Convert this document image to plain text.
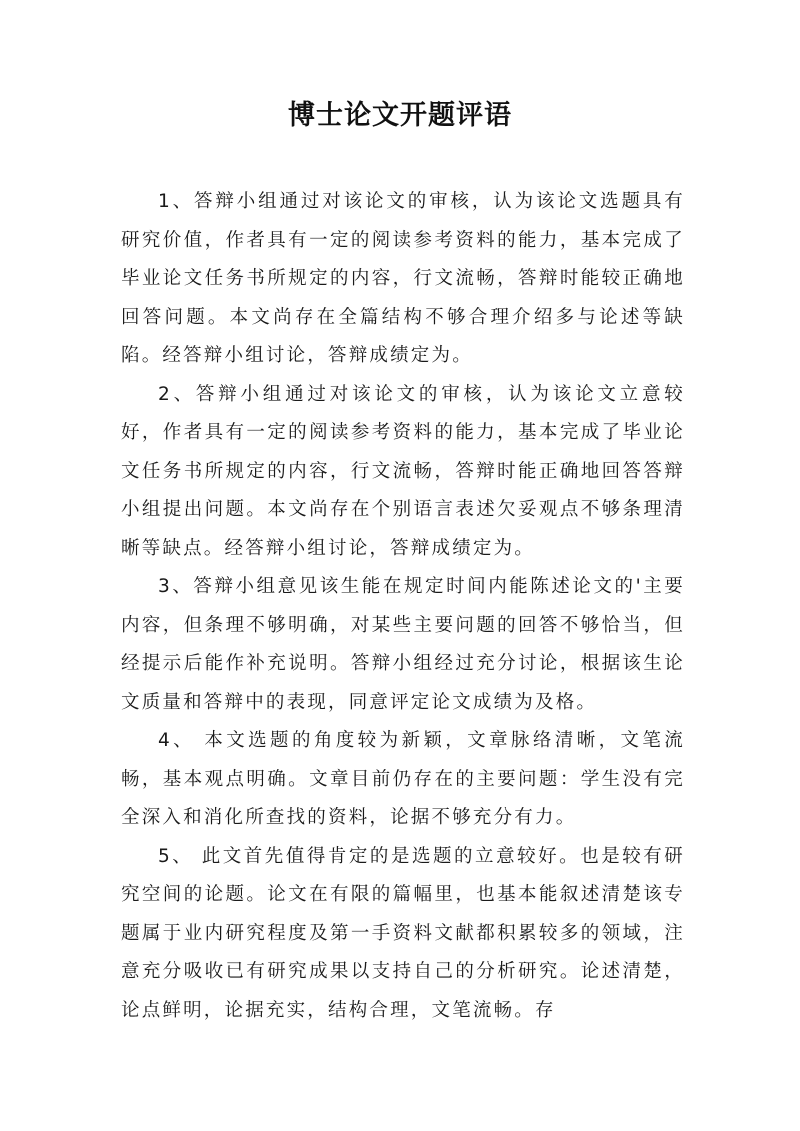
博士论文开题评语

1、答辩小组通过对该论文的审核，认为该论文选题具有研究价值，作者具有一定的阅读参考资料的能力，基本完成了毕业论文任务书所规定的内容，行文流畅，答辩时能较正确地回答问题。本文尚存在全篇结构不够合理介绍多与论述等缺陷。经答辩小组讨论，答辩成绩定为。

2、答辩小组通过对该论文的审核，认为该论文立意较好，作者具有一定的阅读参考资料的能力，基本完成了毕业论文任务书所规定的内容，行文流畅，答辩时能正确地回答答辩小组提出问题。本文尚存在个别语言表述欠妥观点不够条理清晰等缺点。经答辩小组讨论，答辩成绩定为。

3、答辩小组意见该生能在规定时间内能陈述论文的'主要内容，但条理不够明确，对某些主要问题的回答不够恰当，但经提示后能作补充说明。答辩小组经过充分讨论，根据该生论文质量和答辩中的表现，同意评定论文成绩为及格。

4、 本文选题的角度较为新颖，文章脉络清晰，文笔流畅，基本观点明确。文章目前仍存在的主要问题：学生没有完全深入和消化所查找的资料，论据不够充分有力。

5、 此文首先值得肯定的是选题的立意较好。也是较有研究空间的论题。论文在有限的篇幅里，也基本能叙述清楚该专题属于业内研究程度及第一手资料文献都积累较多的领域，注意充分吸收已有研究成果以支持自己的分析研究。论述清楚，论点鲜明，论据充实，结构合理，文笔流畅。存
